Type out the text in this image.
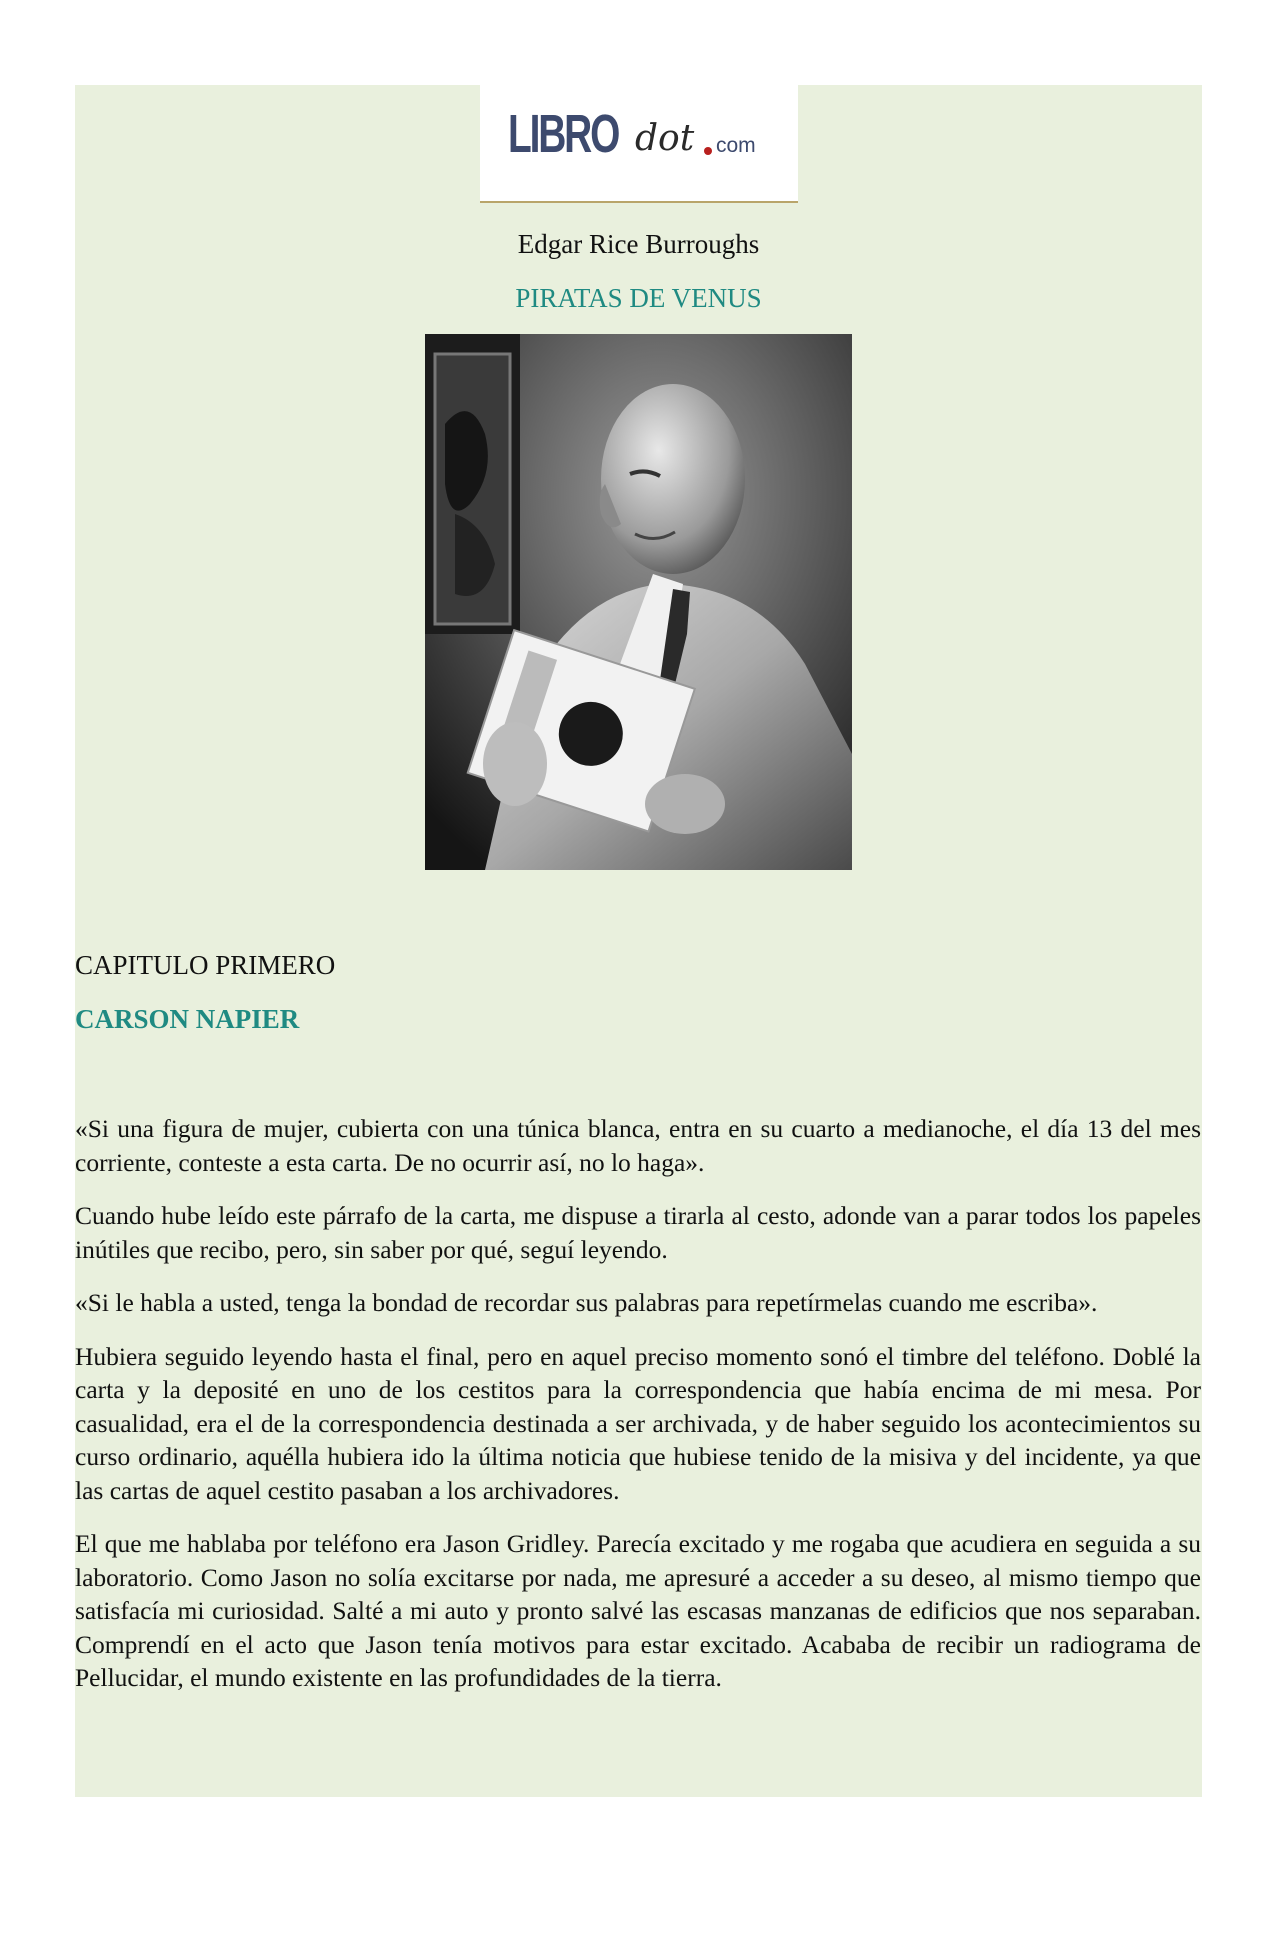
LIBRO dot com
Edgar Rice Burroughs
PIRATAS DE VENUS
CAPITULO PRIMERO
CARSON NAPIER

«Si una figura de mujer, cubierta con una túnica blanca, entra en su cuarto a medianoche, el día 13 del mes corriente, conteste a esta carta. De no ocurrir así, no lo haga».

Cuando hube leído este párrafo de la carta, me dispuse a tirarla al cesto, adonde van a parar todos los papeles inútiles que recibo, pero, sin saber por qué, seguí leyendo.

«Si le habla a usted, tenga la bondad de recordar sus palabras para repetírmelas cuando me escriba».

Hubiera seguido leyendo hasta el final, pero en aquel preciso momento sonó el timbre del teléfono. Doblé la carta y la deposité en uno de los cestitos para la correspondencia que había encima de mi mesa. Por casualidad, era el de la correspondencia destinada a ser archivada, y de haber seguido los acontecimientos su curso ordinario, aquélla hubiera ido la última noticia que hubiese tenido de la misiva y del incidente, ya que las cartas de aquel cestito pasaban a los archivadores.

El que me hablaba por teléfono era Jason Gridley. Parecía excitado y me rogaba que acudiera en seguida a su laboratorio. Como Jason no solía excitarse por nada, me apresuré a acceder a su deseo, al mismo tiempo que satisfacía mi curiosidad. Salté a mi auto y pronto salvé las escasas manzanas de edificios que nos separaban. Comprendí en el acto que Jason tenía motivos para estar excitado. Acababa de recibir un radiograma de Pellucidar, el mundo existente en las profundidades de la tierra.
